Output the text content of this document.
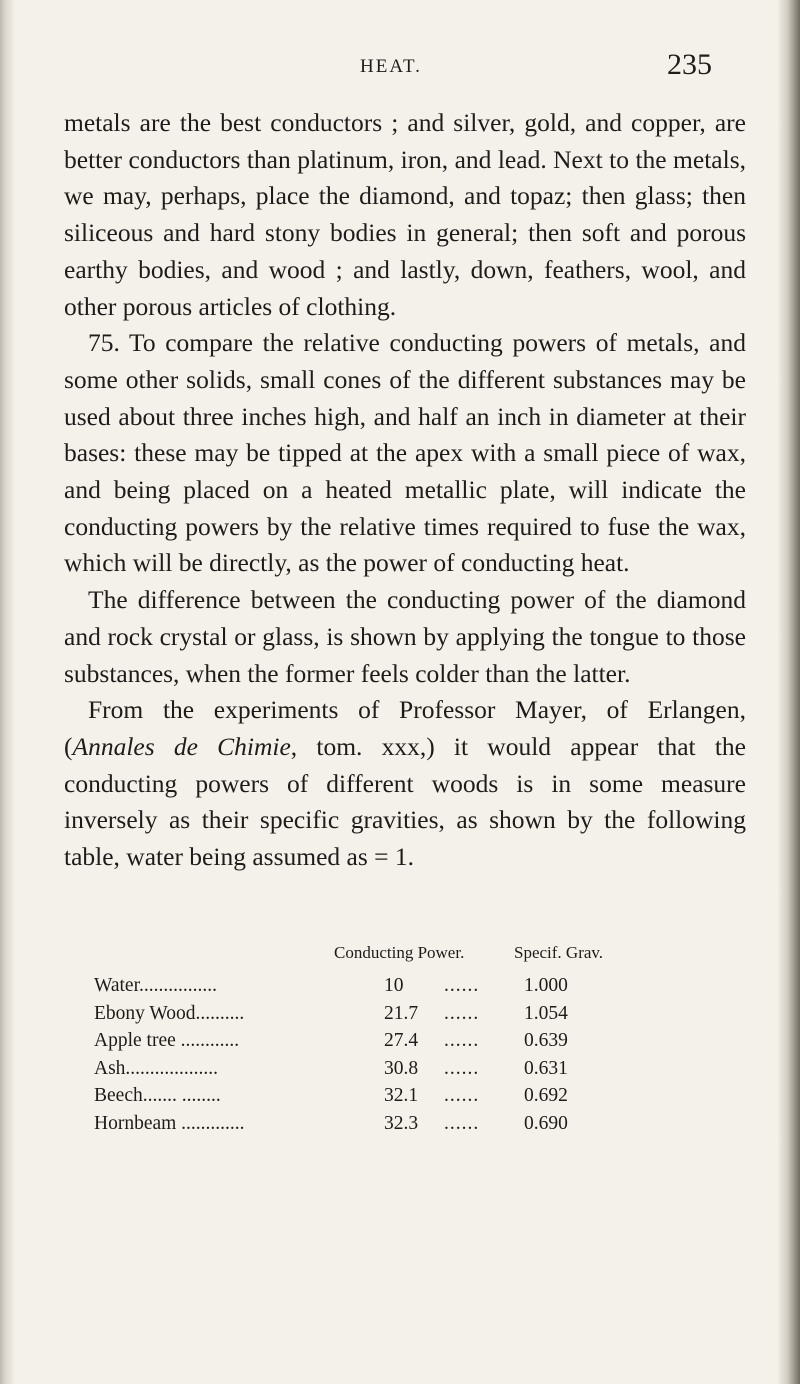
HEAT.	235

metals are the best conductors ; and silver, gold, and copper, are better conductors than platinum, iron, and lead. Next to the metals, we may, perhaps, place the diamond, and topaz; then glass; then siliceous and hard stony bodies in general; then soft and porous earthy bodies, and wood ; and lastly, down, feathers, wool, and other porous articles of clothing.

75. To compare the relative conducting powers of metals, and some other solids, small cones of the different substances may be used about three inches high, and half an inch in diameter at their bases: these may be tipped at the apex with a small piece of wax, and being placed on a heated metallic plate, will indicate the conducting powers by the relative times required to fuse the wax, which will be directly, as the power of conducting heat.

The difference between the conducting power of the diamond and rock crystal or glass, is shown by applying the tongue to those substances, when the former feels colder than the latter.

From the experiments of Professor Mayer, of Erlangen, (Annales de Chimie, tom. xxx,) it would appear that the conducting powers of different woods is in some measure inversely as their specific gravities, as shown by the following table, water being assumed as = 1.

Conducting Power.	Specif. Grav.
Water................	10 ...... 1.000
Ebony Wood..........	21.7 ...... 1.054
Apple tree ............	27.4 ...... 0.639
Ash...................	30.8 ...... 0.631
Beech....... ........	32.1 ...... 0.692
Hornbeam .............	32.3 ...... 0.690
